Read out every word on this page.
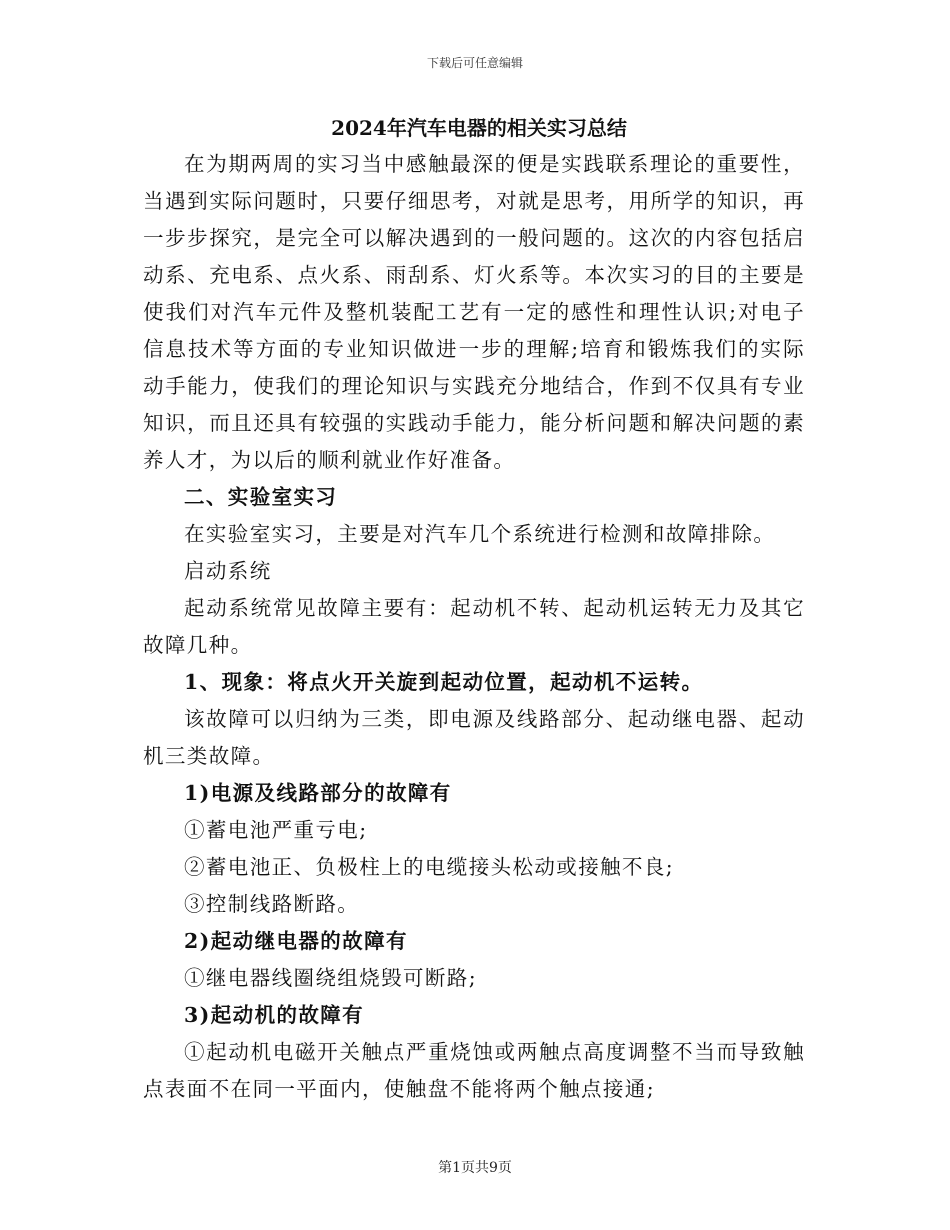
下载后可任意编辑
2024年汽车电器的相关实习总结

在为期两周的实习当中感触最深的便是实践联系理论的重要性，当遇到实际问题时，只要仔细思考，对就是思考，用所学的知识，再一步步探究，是完全可以解决遇到的一般问题的。这次的内容包括启动系、充电系、点火系、雨刮系、灯火系等。本次实习的目的主要是使我们对汽车元件及整机装配工艺有一定的感性和理性认识;对电子信息技术等方面的专业知识做进一步的理解;培育和锻炼我们的实际动手能力，使我们的理论知识与实践充分地结合，作到不仅具有专业知识，而且还具有较强的实践动手能力，能分析问题和解决问题的素养人才，为以后的顺利就业作好准备。

二、实验室实习

在实验室实习，主要是对汽车几个系统进行检测和故障排除。

启动系统

起动系统常见故障主要有：起动机不转、起动机运转无力及其它故障几种。

1、现象：将点火开关旋到起动位置，起动机不运转。

该故障可以归纳为三类，即电源及线路部分、起动继电器、起动机三类故障。

1)电源及线路部分的故障有

①蓄电池严重亏电;

②蓄电池正、负极柱上的电缆接头松动或接触不良;

③控制线路断路。

2)起动继电器的故障有

①继电器线圈绕组烧毁可断路;

3)起动机的故障有

①起动机电磁开关触点严重烧蚀或两触点高度调整不当而导致触点表面不在同一平面内，使触盘不能将两个触点接通;

第1页共9页
